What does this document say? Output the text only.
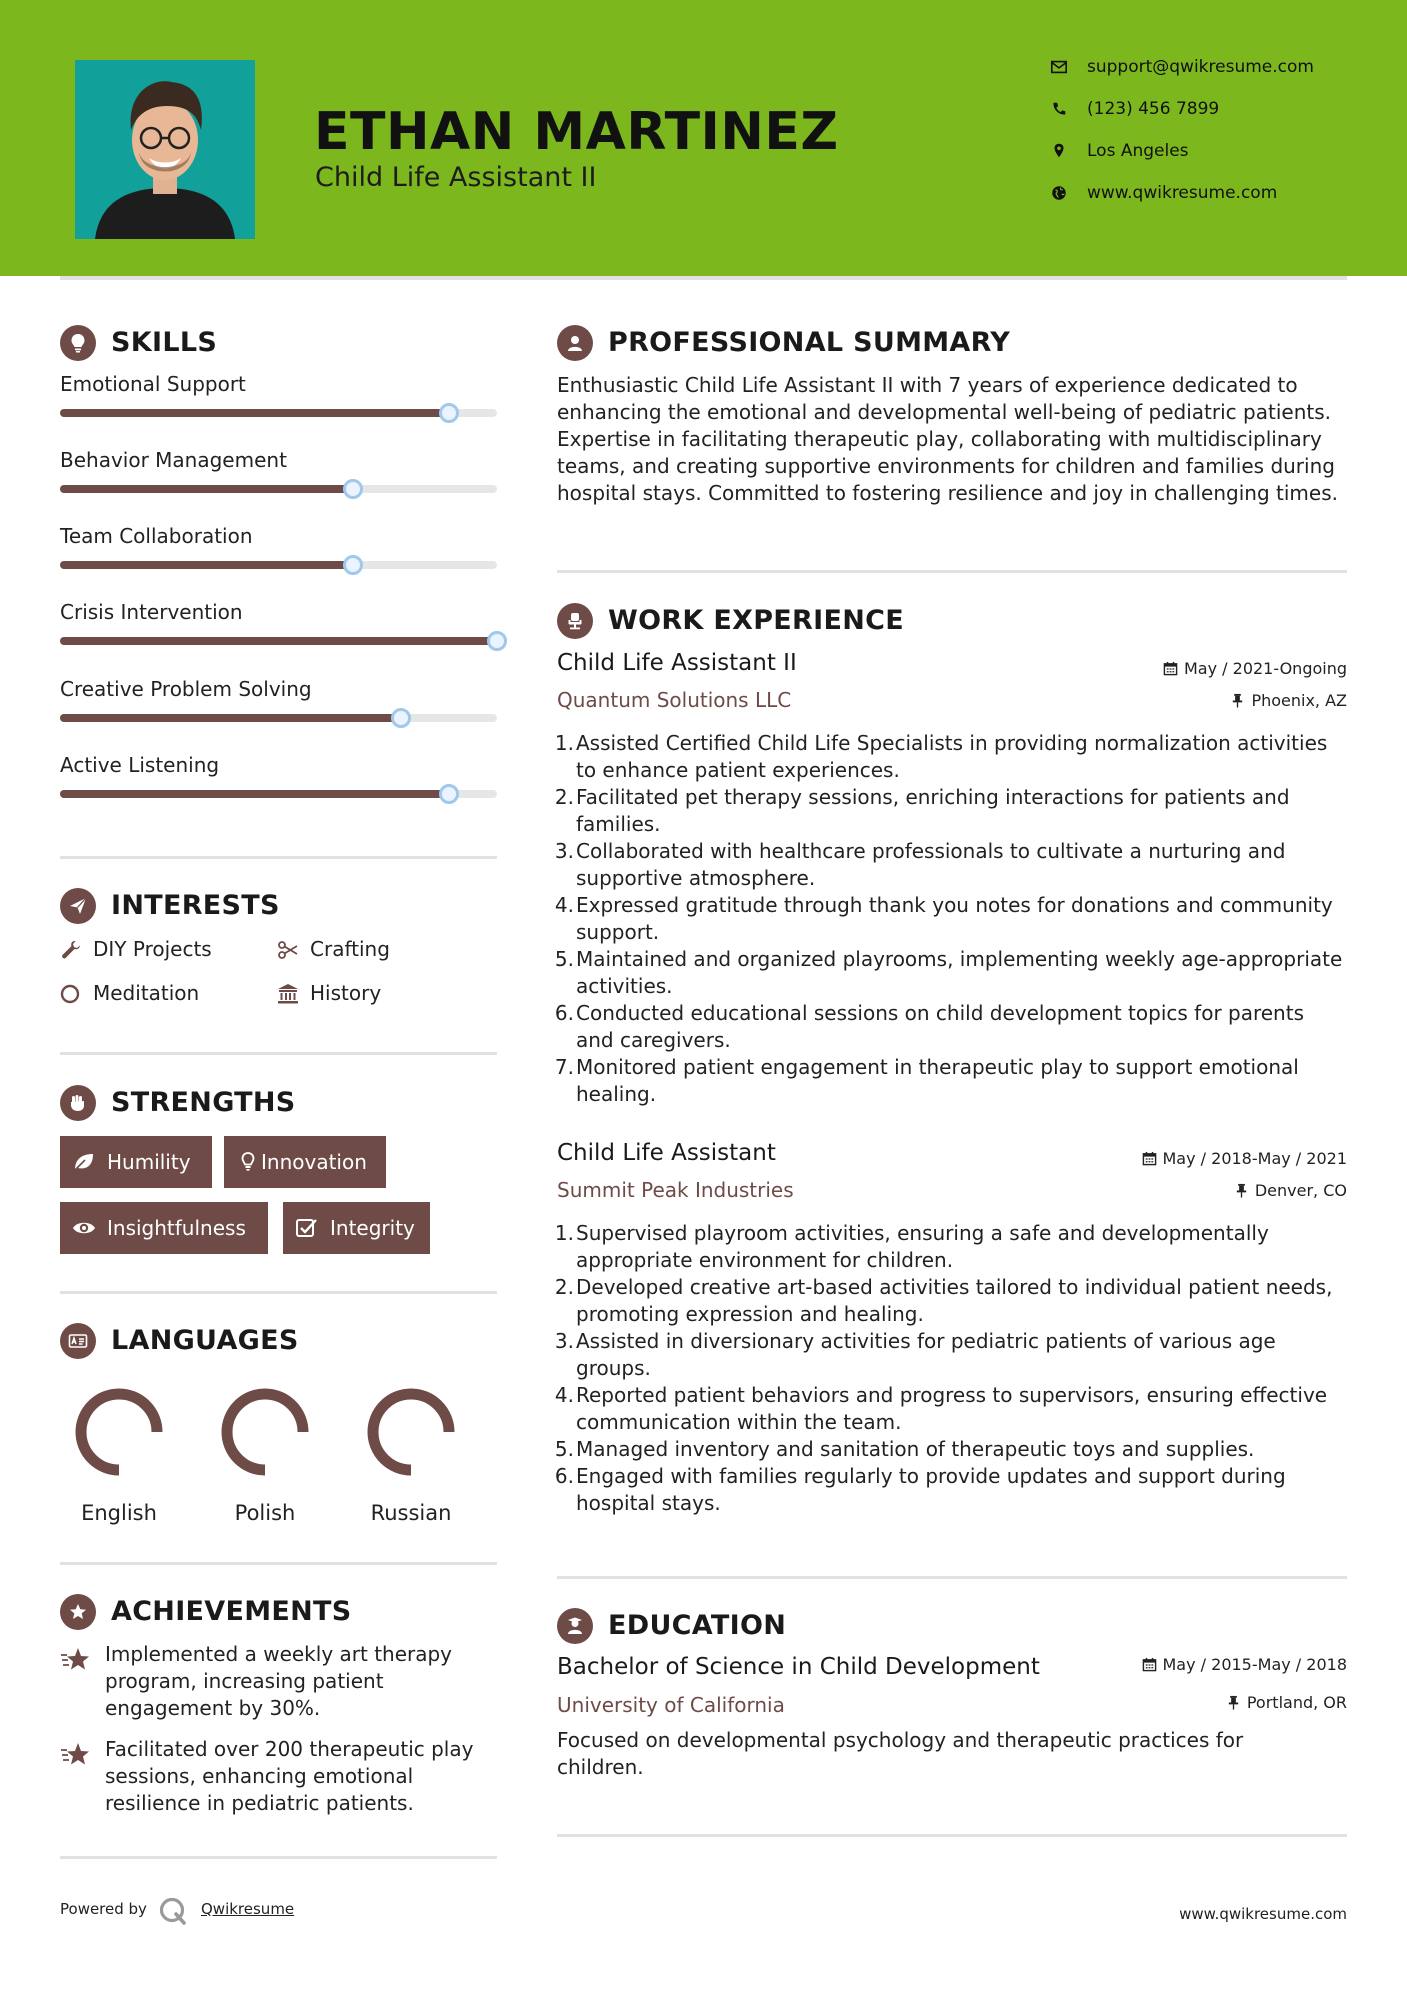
ETHAN MARTINEZ
Child Life Assistant II
support@qwikresume.com
(123) 456 7899
Los Angeles
www.qwikresume.com
SKILLS
Emotional Support
Behavior Management
Team Collaboration
Crisis Intervention
Creative Problem Solving
Active Listening
INTERESTS
DIY Projects	Crafting
Meditation	History
STRENGTHS
Humility	Innovation
Insightfulness	Integrity
LANGUAGES
English	Polish	Russian
ACHIEVEMENTS
Implemented a weekly art therapy program, increasing patient engagement by 30%.
Facilitated over 200 therapeutic play sessions, enhancing emotional resilience in pediatric patients.
PROFESSIONAL SUMMARY
Enthusiastic Child Life Assistant II with 7 years of experience dedicated to enhancing the emotional and developmental well-being of pediatric patients. Expertise in facilitating therapeutic play, collaborating with multidisciplinary teams, and creating supportive environments for children and families during hospital stays. Committed to fostering resilience and joy in challenging times.
WORK EXPERIENCE
Child Life Assistant II
Quantum Solutions LLC
May / 2021-Ongoing
Phoenix, AZ
1. Assisted Certified Child Life Specialists in providing normalization activities to enhance patient experiences.
2. Facilitated pet therapy sessions, enriching interactions for patients and families.
3. Collaborated with healthcare professionals to cultivate a nurturing and supportive atmosphere.
4. Expressed gratitude through thank you notes for donations and community support.
5. Maintained and organized playrooms, implementing weekly age-appropriate activities.
6. Conducted educational sessions on child development topics for parents and caregivers.
7. Monitored patient engagement in therapeutic play to support emotional healing.
Child Life Assistant
Summit Peak Industries
May / 2018-May / 2021
Denver, CO
1. Supervised playroom activities, ensuring a safe and developmentally appropriate environment for children.
2. Developed creative art-based activities tailored to individual patient needs, promoting expression and healing.
3. Assisted in diversionary activities for pediatric patients of various age groups.
4. Reported patient behaviors and progress to supervisors, ensuring effective communication within the team.
5. Managed inventory and sanitation of therapeutic toys and supplies.
6. Engaged with families regularly to provide updates and support during hospital stays.
EDUCATION
Bachelor of Science in Child Development
University of California
May / 2015-May / 2018
Portland, OR
Focused on developmental psychology and therapeutic practices for children.
Powered by	Qwikresume	www.qwikresume.com
